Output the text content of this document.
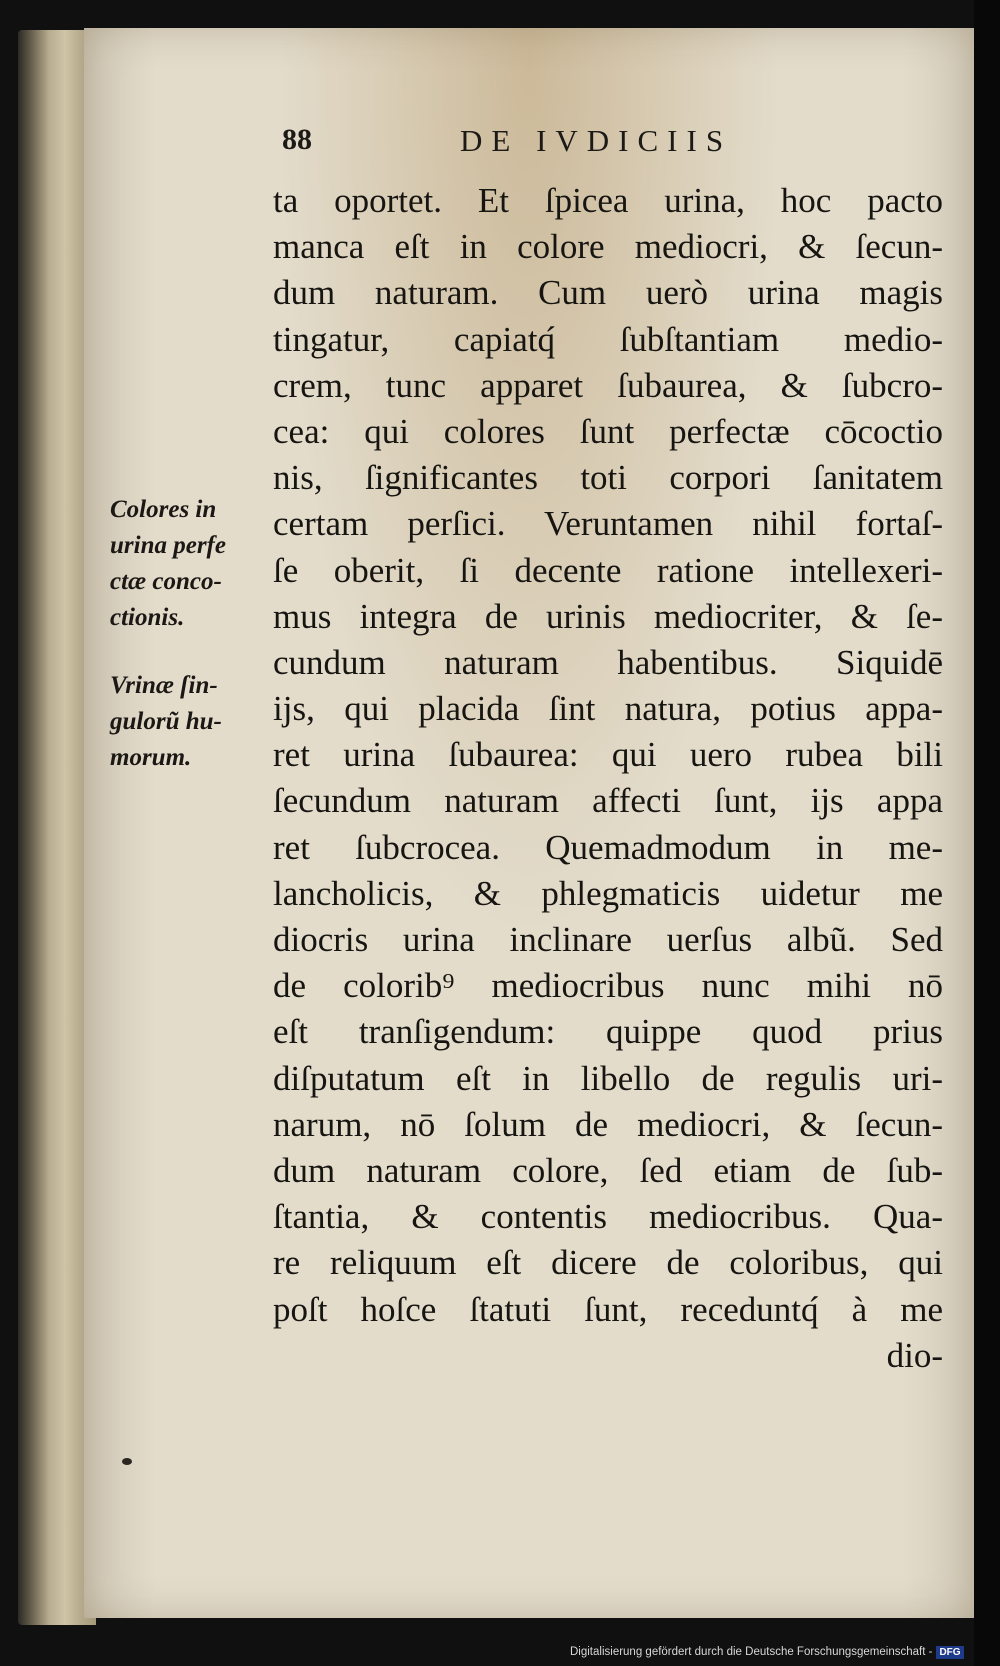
88	DE IVDICIIS
Colores in
urina perfe
ctæ conco-
ctionis.
Vrinæ ſin-
gulorũ hu-
morum.
ta oportet. Et ſpicea urina, hoc pacto
manca eſt in colore mediocri, & ſecun-
dum naturam. Cum uerò urina magis
tingatur, capiatq́ ſubſtantiam medio-
crem, tunc apparet ſubaurea, & ſubcro-
cea: qui colores ſunt perfectæ cōcoctio
nis, ſignificantes toti corpori ſanitatem
certam perſici. Veruntamen nihil fortaſ-
ſe oberit, ſi decente ratione intellexeri-
mus integra de urinis mediocriter, & ſe-
cundum naturam habentibus. Siquidē
ijs, qui placida ſint natura, potius appa-
ret urina ſubaurea: qui uero rubea bili
ſecundum naturam affecti ſunt, ijs appa
ret ſubcrocea. Quemadmodum in me-
lancholicis, & phlegmaticis uidetur me
diocris urina inclinare uerſus albũ. Sed
de colorib⁹ mediocribus nunc mihi nō
eſt tranſigendum: quippe quod prius
diſputatum eſt in libello de regulis uri-
narum, nō ſolum de mediocri, & ſecun-
dum naturam colore, ſed etiam de ſub-
ſtantia, & contentis mediocribus. Qua-
re reliquum eſt dicere de coloribus, qui
poſt hoſce ſtatuti ſunt, receduntq́ à me
dio-
Digitalisierung gefördert durch die Deutsche Forschungsgemeinschaft - DFG
